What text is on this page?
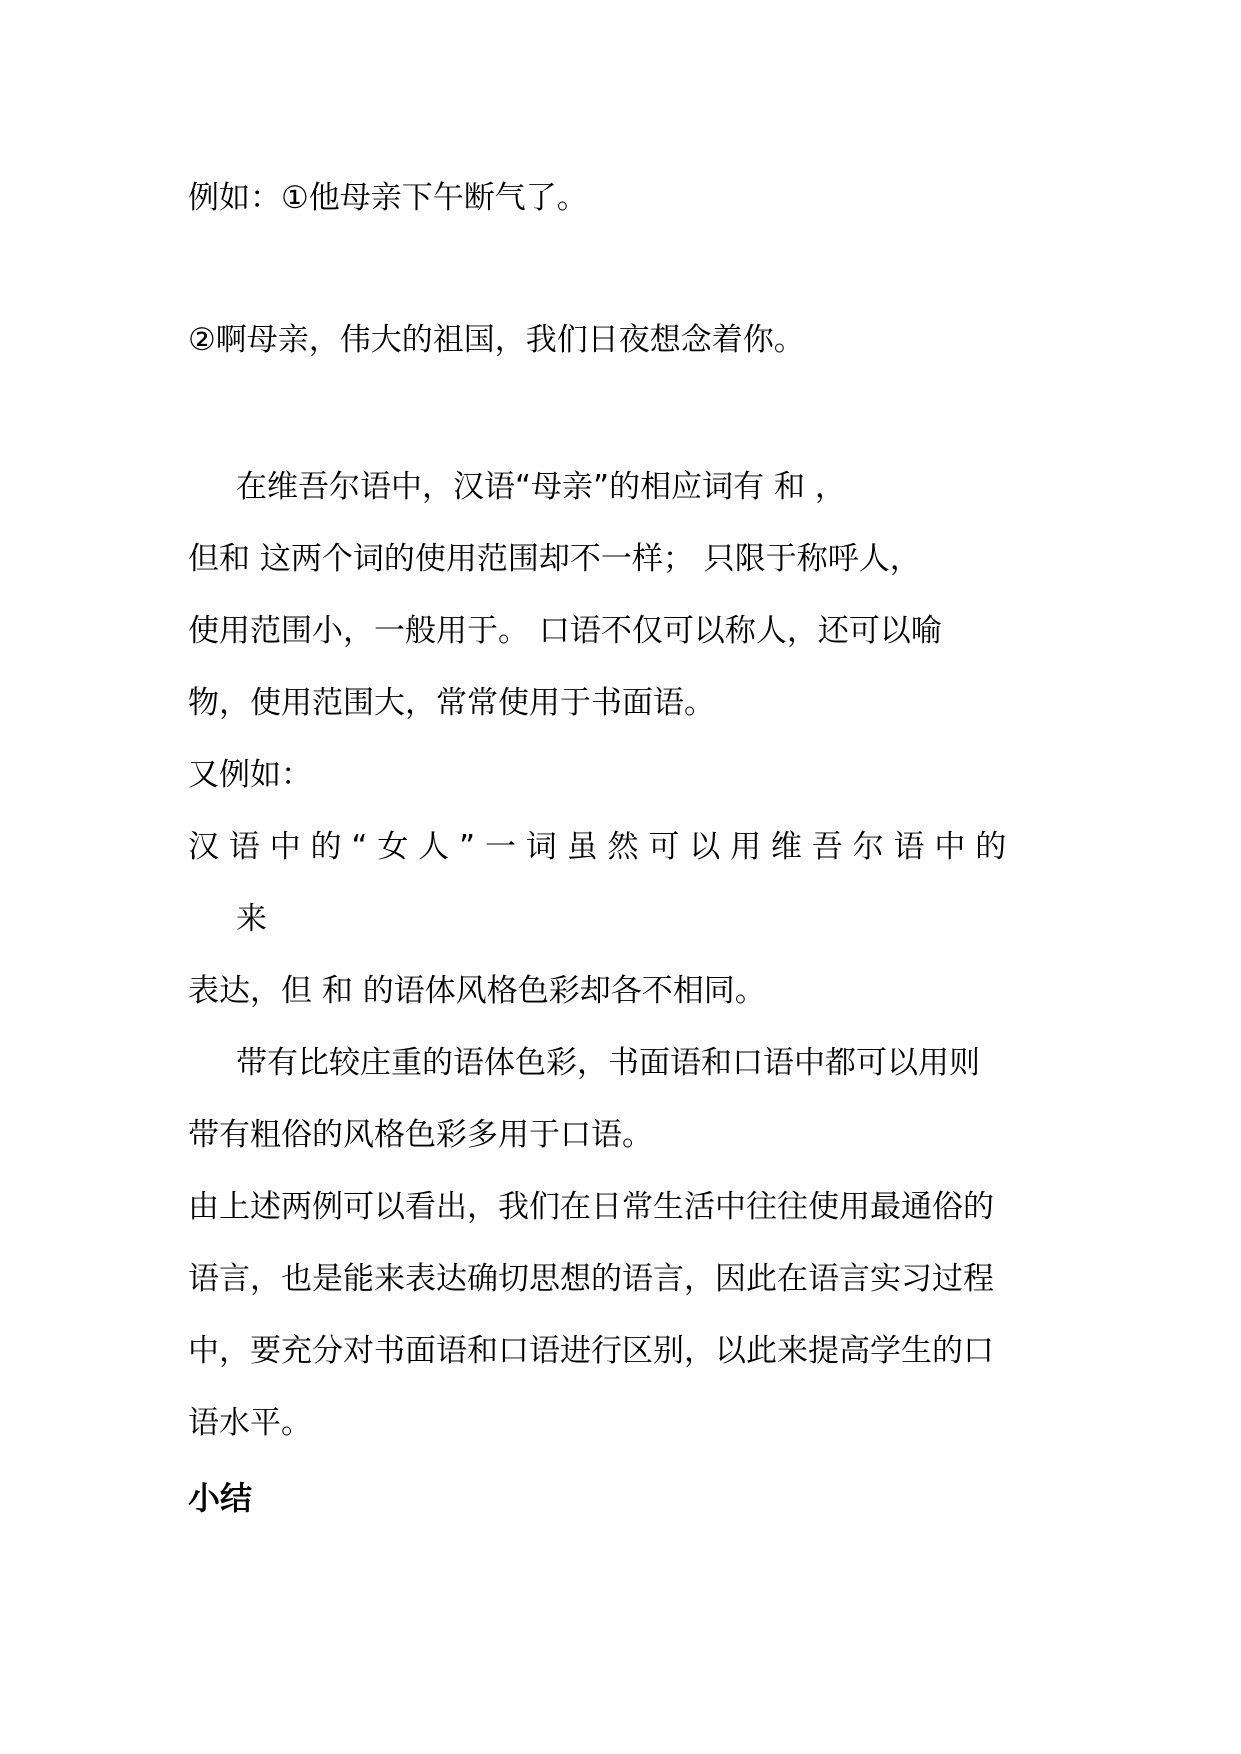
例如：①他母亲下午断气了。

②啊母亲，伟大的祖国，我们日夜想念着你。

在维吾尔语中，汉语“母亲”的相应词有 和 ，

但和 这两个词的使用范围却不一样； 只限于称呼人，

使用范围小，一般用于。 口语不仅可以称人，还可以喻

物，使用范围大，常常使用于书面语。

又例如：

汉 语 中 的 “ 女 人 ” 一 词 虽 然 可 以 用 维 吾 尔 语 中 的

来

表达，但 和 的语体风格色彩却各不相同。

带有比较庄重的语体色彩，书面语和口语中都可以用则

带有粗俗的风格色彩多用于口语。

由上述两例可以看出，我们在日常生活中往往使用最通俗的

语言，也是能来表达确切思想的语言，因此在语言实习过程

中，要充分对书面语和口语进行区别，以此来提高学生的口

语水平。

小结
